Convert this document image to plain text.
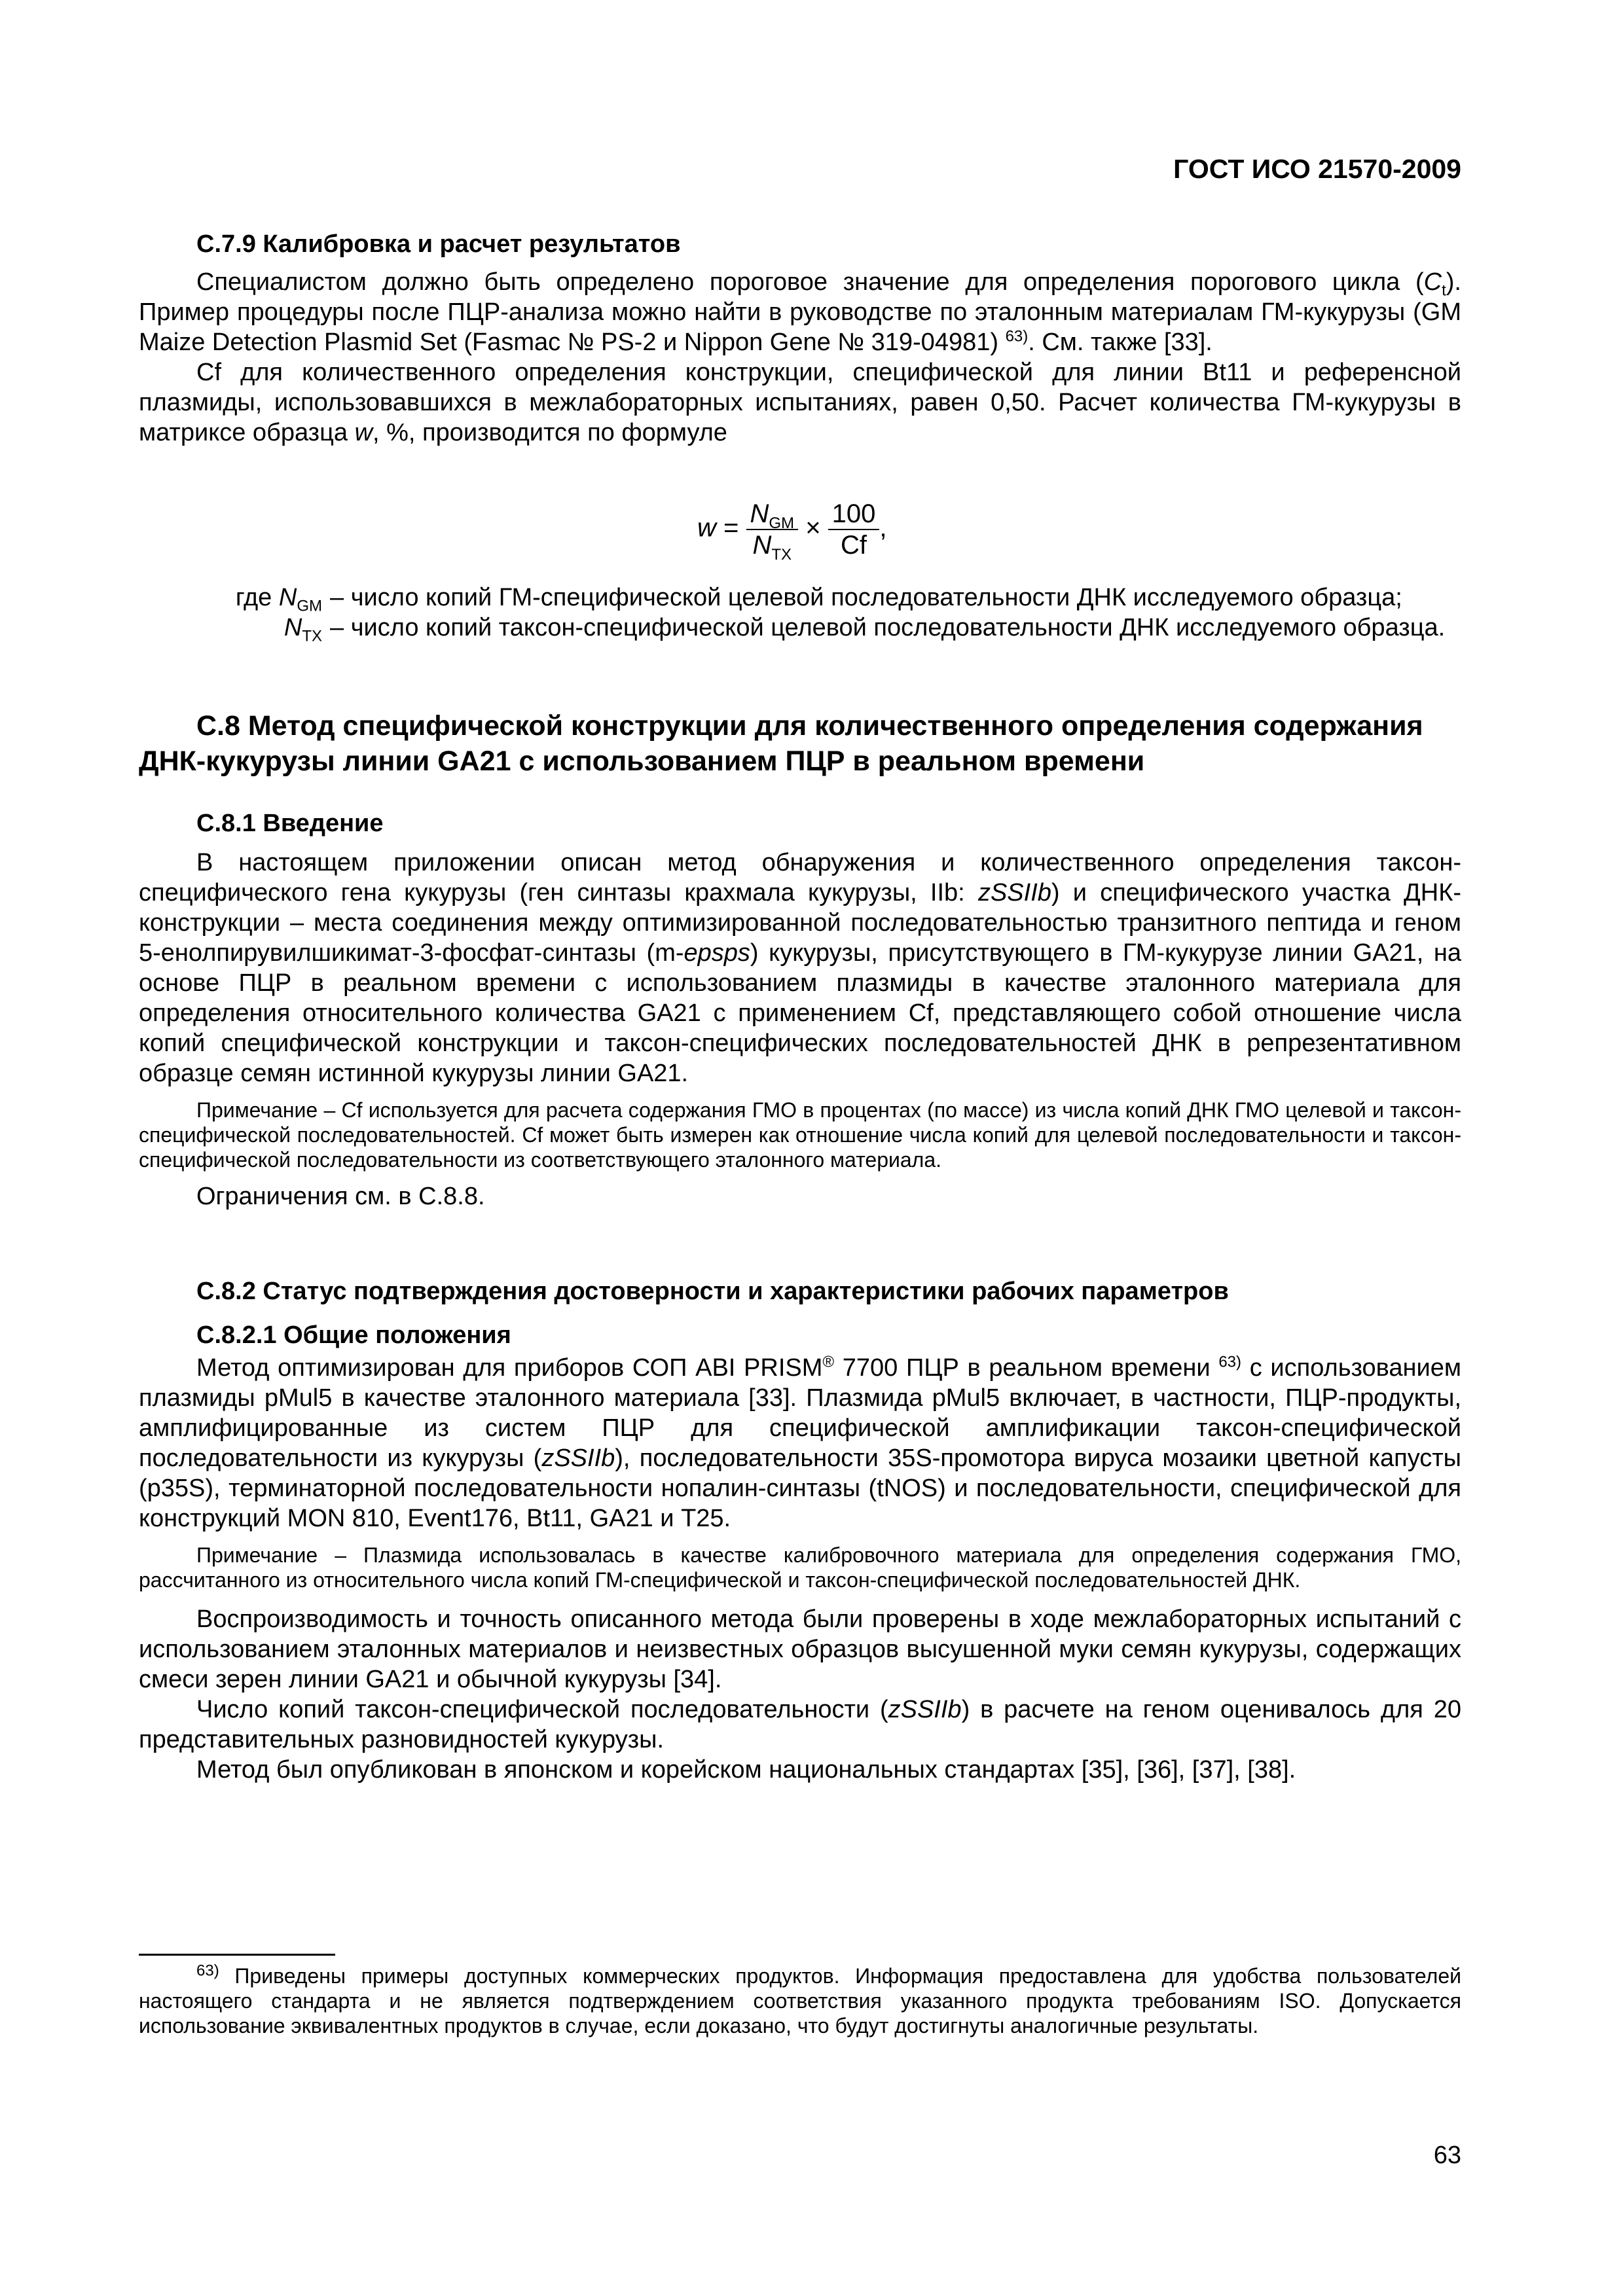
ГОСТ ИСО 21570-2009
C.7.9 Калибровка и расчет результатов

Специалистом должно быть определено пороговое значение для определения порогового цикла $(C_t)$. Пример процедуры после ПЦР-анализа можно найти в руководстве по эталонным материалам ГМ-кукурузы (GM Maize Detection Plasmid Set (Fasmac № PS-2 и Nippon Gene № 319-04981) $^{63)}$. См. также [33].

Cf для количественного определения конструкции, специфической для линии Bt11 и референсной плазмиды, использовавшихся в межлабораторных испытаниях, равен 0,50. Расчет количества ГМ-кукурузы в матриксе образца w, %, производится по формуле

$w = \frac{N_{GM}}{N_{TX}} \times \frac{100}{Cf}$ ,
где $N_{GM}$ – число копий ГМ-специфической целевой последовательности ДНК исследуемого образца;
$N_{TX}$ – число копий таксон-специфической целевой последовательности ДНК исследуемого образца.
C.8 Метод специфической конструкции для количественного определения содержания
ДНК-кукурузы линии GA21 с использованием ПЦР в реальном времени
C.8.1 Введение

В настоящем приложении описан метод обнаружения и количественного определения таксон-специфического гена кукурузы (ген синтазы крахмала кукурузы, IIb: zSSIIb) и специфического участка ДНК-конструкции – места соединения между оптимизированной последовательностью транзитного пептида и геном 5-енолпирувилшикимат-3-фосфат-синтазы (m-epsps) кукурузы, присутствующего в ГМ-кукурузе линии GA21, на основе ПЦР в реальном времени с использованием плазмиды в качестве эталонного материала для определения относительного количества GA21 с применением Cf, представляющего собой отношение числа копий специфической конструкции и таксон-специфических последовательностей ДНК в репрезентативном образце семян истинной кукурузы линии GA21.

Примечание – Cf используется для расчета содержания ГМО в процентах (по массе) из числа копий ДНК ГМО целевой и таксон-специфической последовательностей. Cf может быть измерен как отношение числа копий для целевой последовательности и таксон-специфической последовательности из соответствующего эталонного материала.

Ограничения см. в С.8.8.

C.8.2 Статус подтверждения достоверности и характеристики рабочих параметров
C.8.2.1 Общие положения

Метод оптимизирован для приборов СОП ABI PRISM® 7700 ПЦР в реальном времени $^{63)}$ с использованием плазмиды pMul5 в качестве эталонного материала [33]. Плазмида pMul5 включает, в частности, ПЦР-продукты, амплифицированные из систем ПЦР для специфической амплификации таксон-специфической последовательности из кукурузы (zSSIIb), последовательности 35S-промотора вируса мозаики цветной капусты (p35S), терминаторной последовательности нопалин-синтазы (tNOS) и последовательности, специфической для конструкций MON 810, Event176, Bt11, GA21 и T25.

Примечание – Плазмида использовалась в качестве калибровочного материала для определения содержания ГМО, рассчитанного из относительного числа копий ГМ-специфической и таксон-специфической последовательностей ДНК.

Воспроизводимость и точность описанного метода были проверены в ходе межлабораторных испытаний с использованием эталонных материалов и неизвестных образцов высушенной муки семян кукурузы, содержащих смеси зерен линии GA21 и обычной кукурузы [34].

Число копий таксон-специфической последовательности (zSSIIb) в расчете на геном оценивалось для 20 представительных разновидностей кукурузы.

Метод был опубликован в японском и корейском национальных стандартах [35], [36], [37], [38].

$^{63)}$ Приведены примеры доступных коммерческих продуктов. Информация предоставлена для удобства пользователей настоящего стандарта и не является подтверждением соответствия указанного продукта требованиям ISO. Допускается использование эквивалентных продуктов в случае, если доказано, что будут достигнуты аналогичные результаты.

63
